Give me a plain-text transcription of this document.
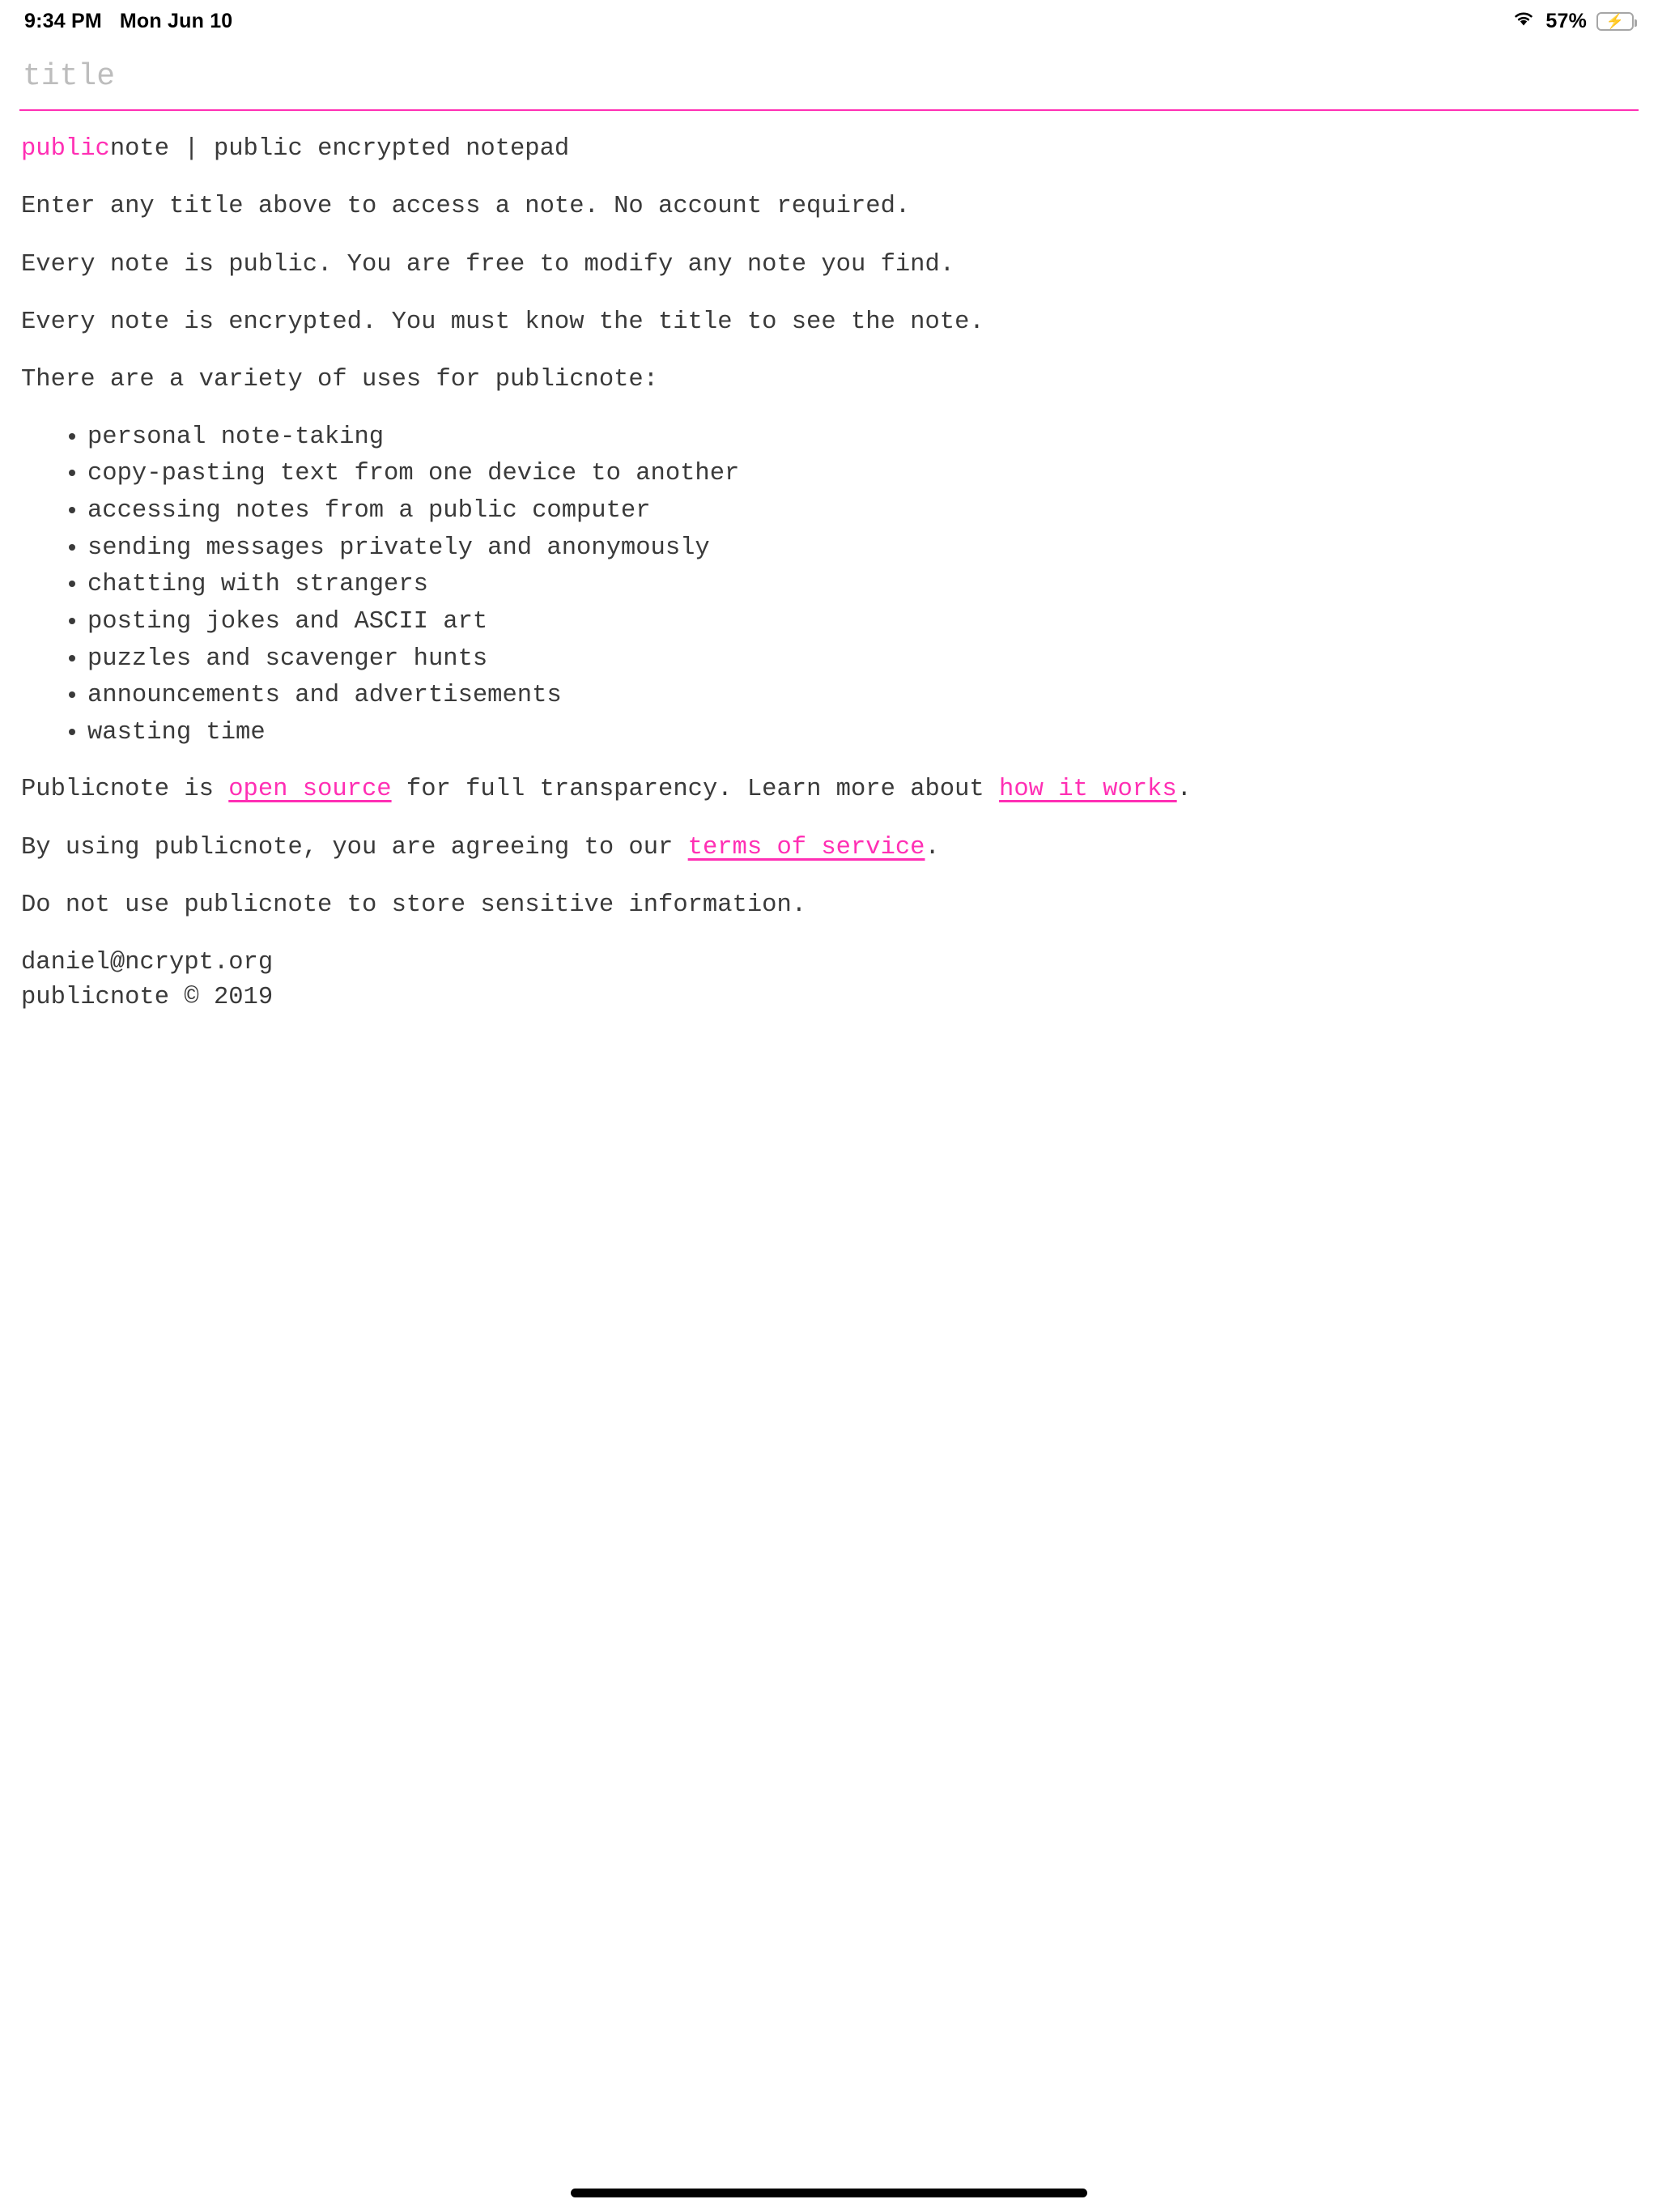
9:34 PM Mon Jun 10	57% ⚡
title

publicnote | public encrypted notepad

Enter any title above to access a note. No account required.

Every note is public. You are free to modify any note you find.

Every note is encrypted. You must know the title to see the note.

There are a variety of uses for publicnote:

• personal note-taking
• copy-pasting text from one device to another
• accessing notes from a public computer
• sending messages privately and anonymously
• chatting with strangers
• posting jokes and ASCII art
• puzzles and scavenger hunts
• announcements and advertisements
• wasting time

Publicnote is open source for full transparency. Learn more about how it works.

By using publicnote, you are agreeing to our terms of service.

Do not use publicnote to store sensitive information.

daniel@ncrypt.org
publicnote © 2019
